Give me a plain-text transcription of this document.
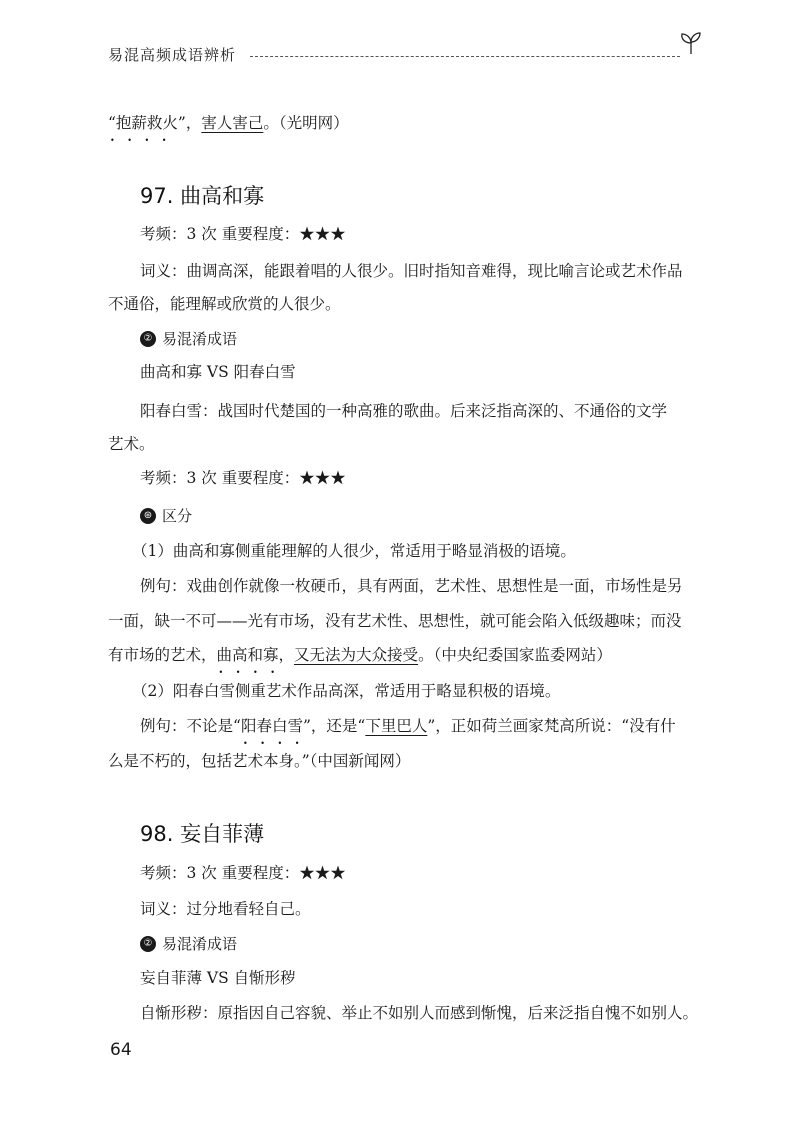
易混高频成语辨析
“抱薪救火”， • • • •害人害己。（光明网）
97. 曲高和寡
考频：3 次 重要程度：★★★
词义：曲调高深，能跟着唱的人很少。旧时指知音难得，现比喻言论或艺术作品
不通俗，能理解或欣赏的人很少。
② 易混淆成语
曲高和寡 VS 阳春白雪
阳春白雪：战国时代楚国的一种高雅的歌曲。后来泛指高深的、不通俗的文学
艺术。
考频：3 次 重要程度：★★★
⊛ 区分
（1）曲高和寡侧重能理解的人很少，常适用于略显消极的语境。
例句：戏曲创作就像一枚硬币，具有两面，艺术性、思想性是一面，市场性是另
一面，缺一不可——光有市场，没有艺术性、思想性，就可能会陷入低级趣味；而没
有市场的艺术，曲高和寡 • • • •，又无法为大众接受。（中央纪委国家监委网站）
（2）阳春白雪侧重艺术作品高深，常适用于略显积极的语境。
例句：不论是“阳春白雪 • • • •”，还是“下里巴人”，正如荷兰画家梵高所说：“没有什
么是不朽的，包括艺术本身。”（中国新闻网）
98. 妄自菲薄
考频：3 次 重要程度：★★★
词义：过分地看轻自己。
② 易混淆成语
妄自菲薄 VS 自惭形秽
自惭形秽：原指因自己容貌、举止不如别人而感到惭愧，后来泛指自愧不如别人。
64
